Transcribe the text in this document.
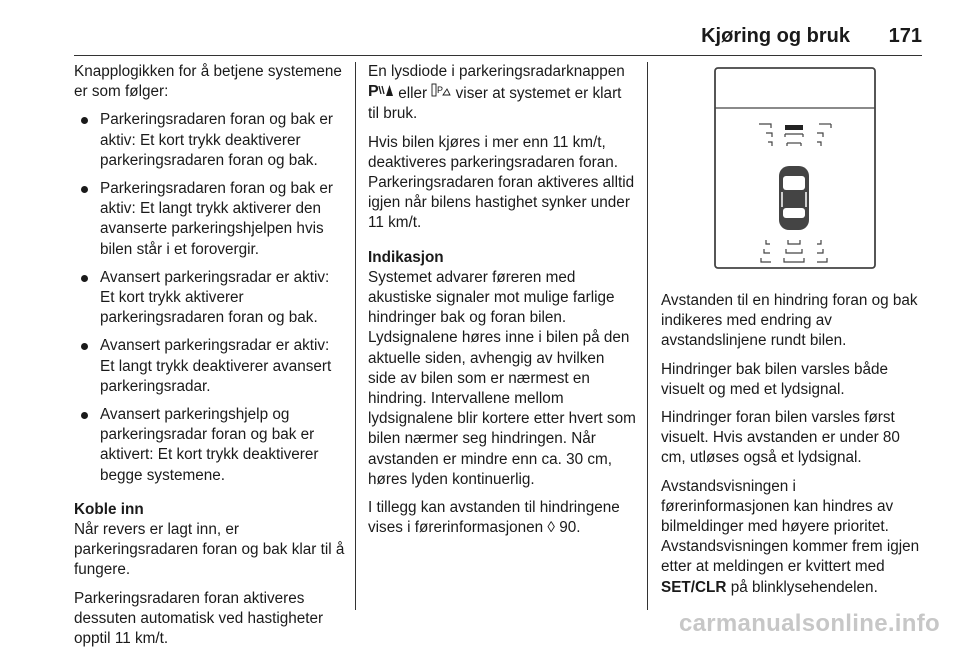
Kjøring og bruk 171

Knapplogikken for å betjene systemene er som følger:

Parkeringsradaren foran og bak er aktiv: Et kort trykk deaktiverer parkeringsradaren foran og bak.
Parkeringsradaren foran og bak er aktiv: Et langt trykk aktiverer den avanserte parkeringshjelpen hvis bilen står i et forovergir.
Avansert parkeringsradar er aktiv: Et kort trykk aktiverer parkeringsradaren foran og bak.
Avansert parkeringsradar er aktiv: Et langt trykk deaktiverer avansert parkeringsradar.
Avansert parkeringshjelp og parkeringsradar foran og bak er aktivert: Et kort trykk deaktiverer begge systemene.
Koble inn

Når revers er lagt inn, er parkeringsradaren foran og bak klar til å fungere.

Parkeringsradaren foran aktiveres dessuten automatisk ved hastigheter opptil 11 km/t.

En lysdiode i parkeringsradarknappen
P eller P viser at systemet er klart til bruk.

Hvis bilen kjøres i mer enn 11 km/t, deaktiveres parkeringsradaren foran. Parkeringsradaren foran aktiveres alltid igjen når bilens hastighet synker under 11 km/t.

Indikasjon

Systemet advarer føreren med akustiske signaler mot mulige farlige hindringer bak og foran bilen. Lydsignalene høres inne i bilen på den aktuelle siden, avhengig av hvilken side av bilen som er nærmest en hindring. Intervallene mellom lydsignalene blir kortere etter hvert som bilen nærmer seg hindringen. Når avstanden er mindre enn ca. 30 cm, høres lyden kontinuerlig.

I tillegg kan avstanden til hindringene vises i førerinformasjonen ◊ 90.

Avstanden til en hindring foran og bak indikeres med endring av avstandslinjene rundt bilen.

Hindringer bak bilen varsles både visuelt og med et lydsignal.

Hindringer foran bilen varsles først visuelt. Hvis avstanden er under 80 cm, utløses også et lydsignal.

Avstandsvisningen i førerinformasjonen kan hindres av bilmeldinger med høyere prioritet. Avstandsvisningen kommer frem igjen etter at meldingen er kvittert med SET/CLR på blinklysehendelen.

carmanualsonline.info
